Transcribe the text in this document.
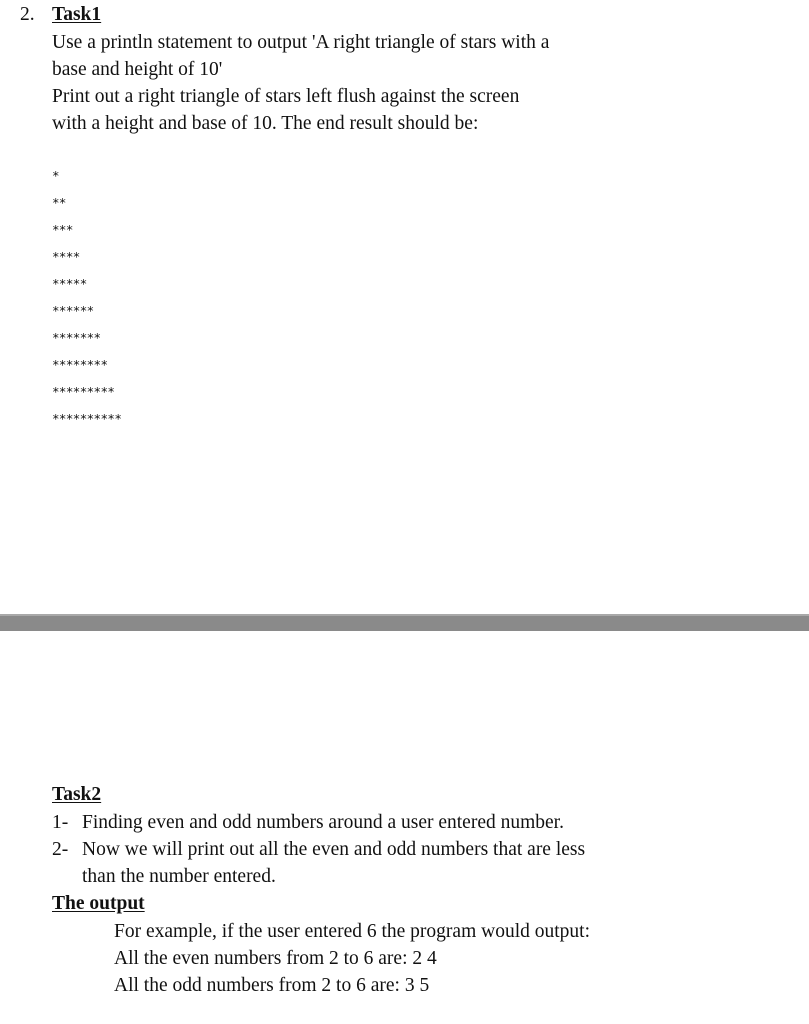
2. Task1
Use a println statement to output 'A right triangle of stars with a
base and height of 10'
Print out a right triangle of stars left flush against the screen
with a height and base of 10. The end result should be:
*
**
***
****
*****
******
*******
********
*********
**********
Task2
1- Finding even and odd numbers around a user entered number.
2- Now we will print out all the even and odd numbers that are less
than the number entered.
The output
For example, if the user entered 6 the program would output:
All the even numbers from 2 to 6 are: 2 4
All the odd numbers from 2 to 6 are: 3 5
